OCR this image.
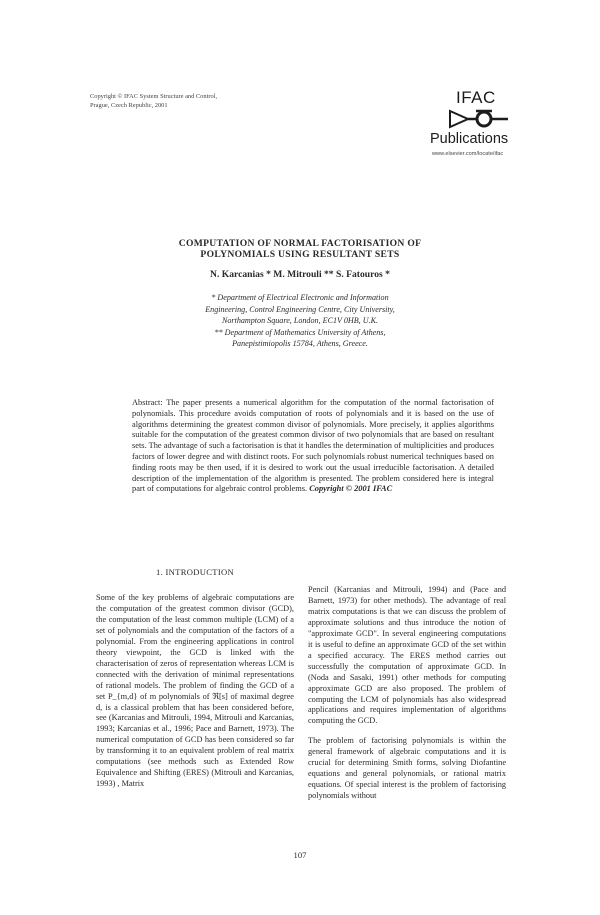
Copyright © IFAC System Structure and Control,
Prague, Czech Republic, 2001	IFAC
Publications
www.elsevier.com/locate/ifac
COMPUTATION OF NORMAL FACTORISATION OF
POLYNOMIALS USING RESULTANT SETS
N. Karcanias * M. Mitrouli ** S. Fatouros *
* Department of Electrical Electronic and Information
Engineering, Control Engineering Centre, City University,
Northampton Square, London, EC1V 0HB, U.K.
** Department of Mathematics University of Athens,
Panepistimiopolis 15784, Athens, Greece.
Abstract: The paper presents a numerical algorithm for the computation of the normal factorisation of polynomials. This procedure avoids computation of roots of polynomials and it is based on the use of algorithms determining the greatest common divisor of polynomials. More precisely, it applies algorithms suitable for the computation of the greatest common divisor of two polynomials that are based on resultant sets. The advantage of such a factorisation is that it handles the determination of multiplicities and produces factors of lower degree and with distinct roots. For such polynomials robust numerical techniques based on finding roots may be then used, if it is desired to work out the usual irreducible factorisation. A detailed description of the implementation of the algorithm is presented. The problem considered here is integral part of computations for algebraic control problems. Copyright © 2001 IFAC
1. INTRODUCTION

Some of the key problems of algebraic computations are the computation of the greatest common divisor (GCD), the computation of the least common multiple (LCM) of a set of polynomials and the computation of the factors of a polynomial. From the engineering applications in control theory viewpoint, the GCD is linked with the characterisation of zeros of representation whereas LCM is connected with the derivation of minimal representations of rational models. The problem of finding the GCD of a set P_{m,d} of m polynomials of ℜ[s] of maximal degree d, is a classical problem that has been considered before, see (Karcanias and Mitrouli, 1994, Mitrouli and Karcanias, 1993; Karcanias et al., 1996; Pace and Barnett, 1973). The numerical computation of GCD has been considered so far by transforming it to an equivalent problem of real matrix computations (see methods such as Extended Row Equivalence and Shifting (ERES) (Mitrouli and Karcanias, 1993) , Matrix

Pencil (Karcanias and Mitrouli, 1994) and (Pace and Barnett, 1973) for other methods). The advantage of real matrix computations is that we can discuss the problem of approximate solutions and thus introduce the notion of "approximate GCD". In several engineering computations it is useful to define an approximate GCD of the set within a specified accuracy. The ERES method carries out successfully the computation of approximate GCD. In (Noda and Sasaki, 1991) other methods for computing approximate GCD are also proposed. The problem of computing the LCM of polynomials has also widespread applications and requires implementation of algorithms computing the GCD.

The problem of factorising polynomials is within the general framework of algebraic computations and it is crucial for determining Smith forms, solving Diofantine equations and general polynomials, or rational matrix equations. Of special interest is the problem of factorising polynomials without

107
